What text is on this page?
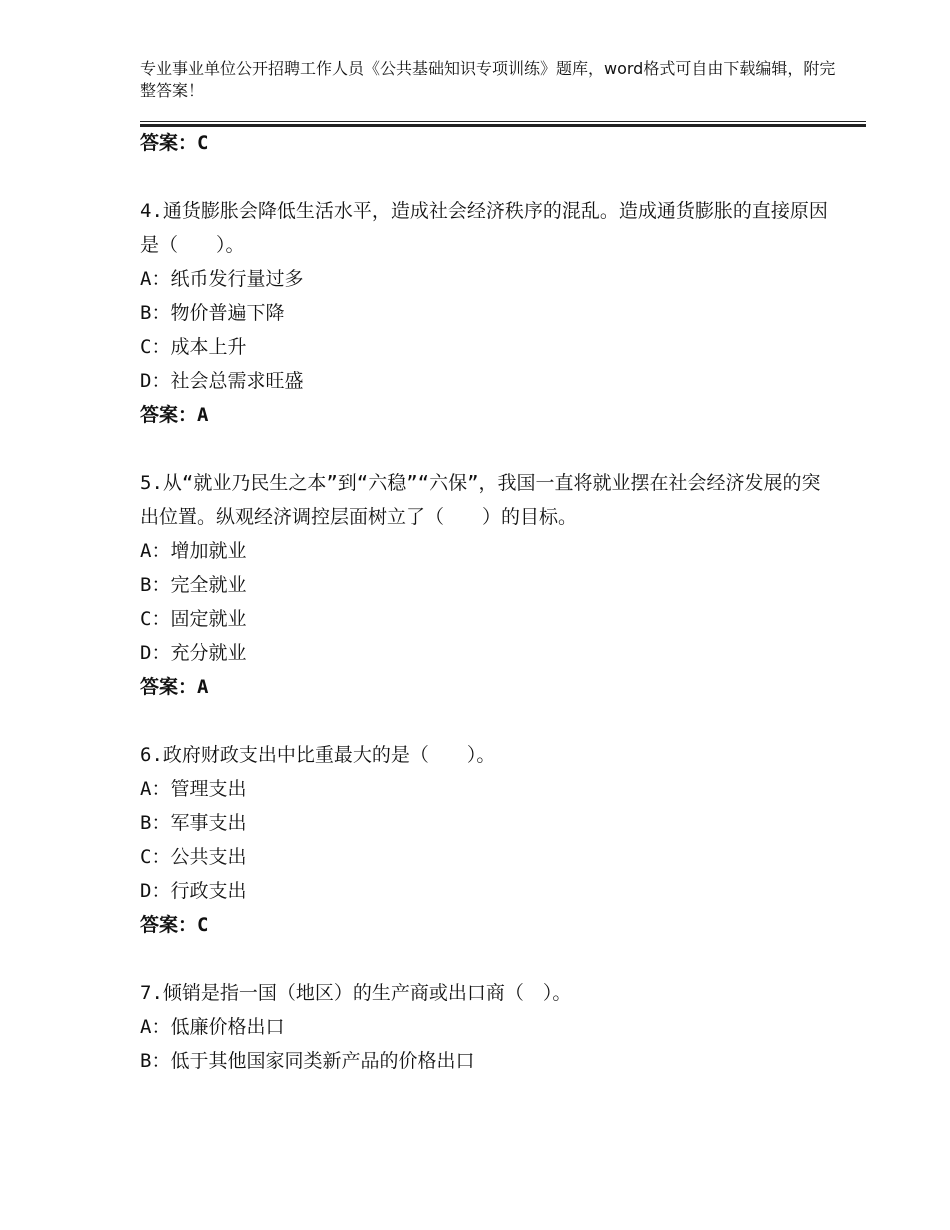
专业事业单位公开招聘工作人员《公共基础知识专项训练》题库，word格式可自由下载编辑，附完整答案！
答案：C
4.通货膨胀会降低生活水平，造成社会经济秩序的混乱。造成通货膨胀的直接原因是（　　）。
A：纸币发行量过多
B：物价普遍下降
C：成本上升
D：社会总需求旺盛
答案：A
5.从“就业乃民生之本”到“六稳”“六保”，我国一直将就业摆在社会经济发展的突出位置。纵观经济调控层面树立了（　　）的目标。
A：增加就业
B：完全就业
C：固定就业
D：充分就业
答案：A
6.政府财政支出中比重最大的是（　　）。
A：管理支出
B：军事支出
C：公共支出
D：行政支出
答案：C
7.倾销是指一国（地区）的生产商或出口商（　）。
A：低廉价格出口
B：低于其他国家同类新产品的价格出口
